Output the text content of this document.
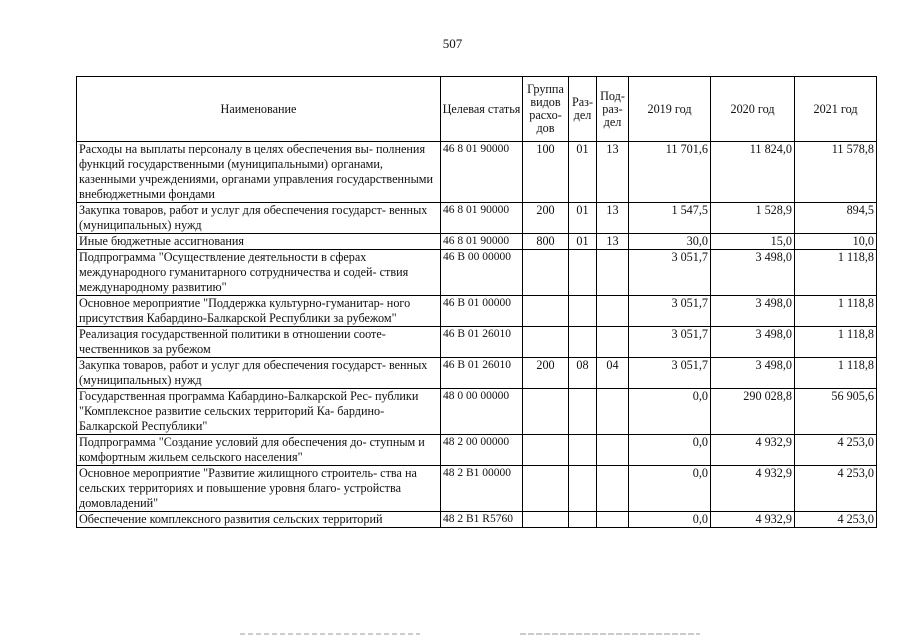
507
Наименование	Целевая статья	Группа видов расхо- дов	Раз- дел	Под- раз- дел	2019 год	2020 год	2021 год
Расходы на выплаты персоналу в целях обеспечения вы- полнения функций государственными (муниципальными) органами, казенными учреждениями, органами управления государственными внебюджетными фондами	46 8 01 90000	100	01	13	11 701,6	11 824,0	11 578,8
Закупка товаров, работ и услуг для обеспечения государст- венных (муниципальных) нужд	46 8 01 90000	200	01	13	1 547,5	1 528,9	894,5
Иные бюджетные ассигнования	46 8 01 90000	800	01	13	30,0	15,0	10,0
Подпрограмма "Осуществление деятельности в сферах международного гуманитарного сотрудничества и содей- ствия международному развитию"	46 В 00 00000				3 051,7	3 498,0	1 118,8
Основное мероприятие "Поддержка культурно-гуманитар- ного присутствия Кабардино-Балкарской Республики за рубежом"	46 В 01 00000				3 051,7	3 498,0	1 118,8
Реализация государственной политики в отношении соотe- чественников за рубежом	46 В 01 26010				3 051,7	3 498,0	1 118,8
Закупка товаров, работ и услуг для обеспечения государст- венных (муниципальных) нужд	46 В 01 26010	200	08	04	3 051,7	3 498,0	1 118,8
Государственная программа Кабардино-Балкарской Рес- публики "Комплексное развитие сельских территорий Ка- бардино-Балкарской Республики"	48 0 00 00000				0,0	290 028,8	56 905,6
Подпрограмма "Создание условий для обеспечения до- ступным и комфортным жильем сельского населения"	48 2 00 00000				0,0	4 932,9	4 253,0
Основное мероприятие "Развитие жилищного строитель- ства на сельских территориях и повышение уровня благо- устройства домовладений"	48 2 В1 00000				0,0	4 932,9	4 253,0
Обеспечение комплексного развития сельских территорий	48 2 В1 R5760				0,0	4 932,9	4 253,0
